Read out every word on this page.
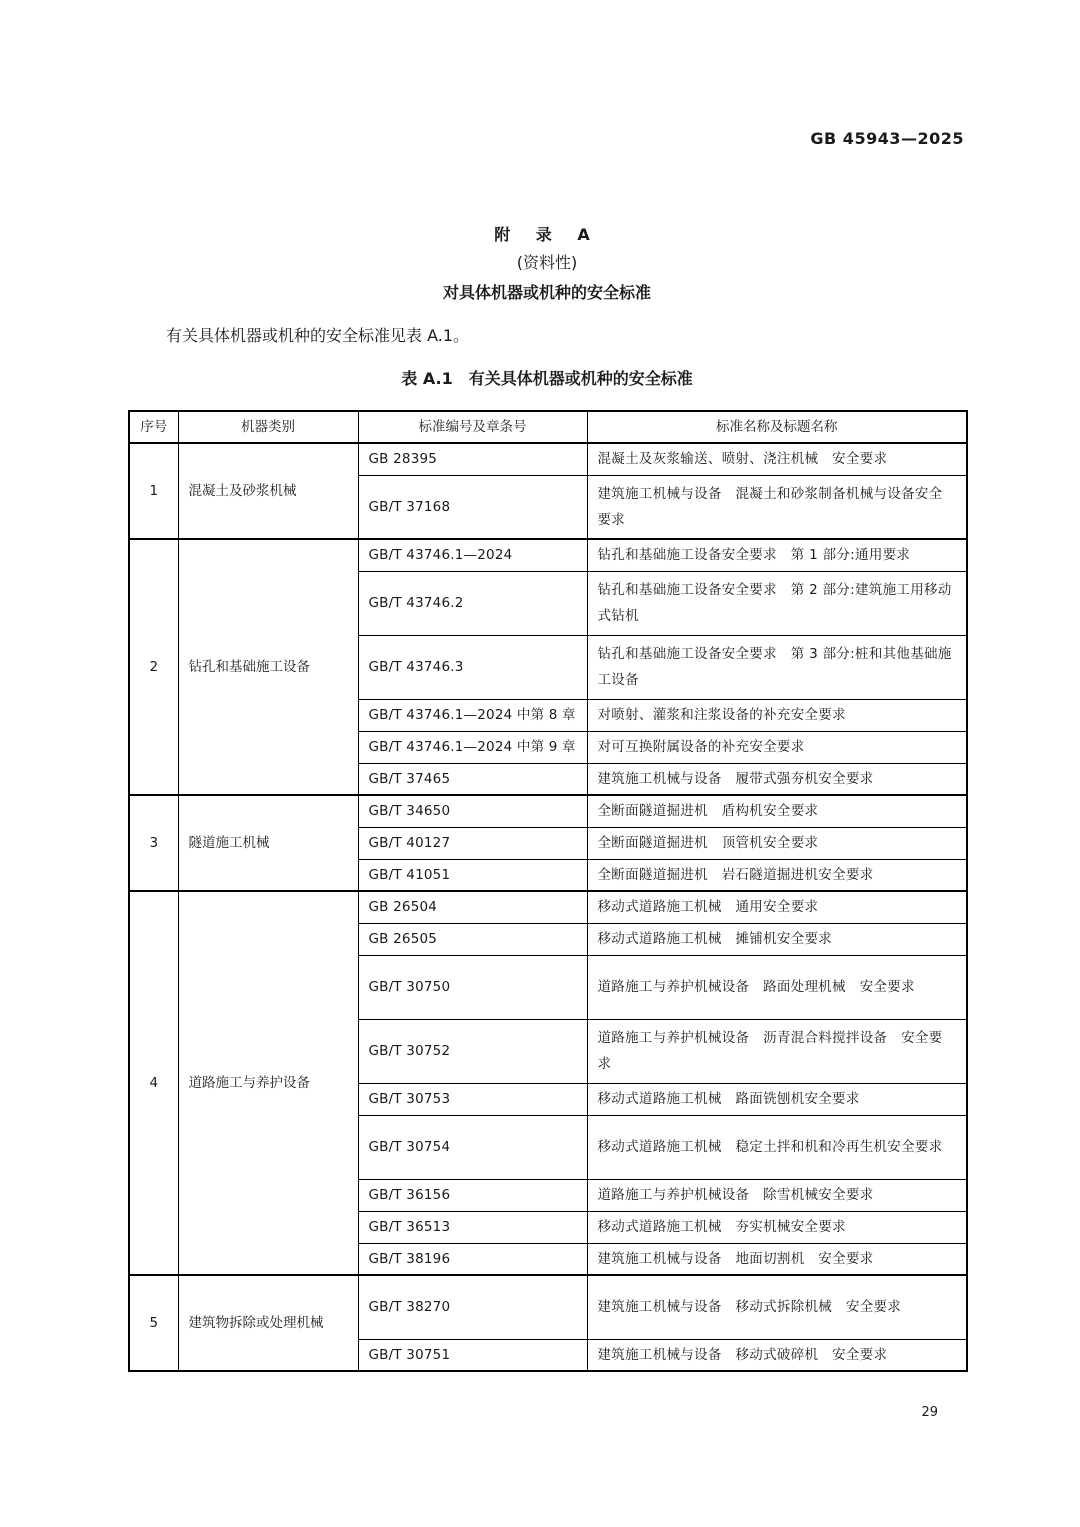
GB 45943—2025
附 录 A
(资料性)
对具体机器或机种的安全标准
有关具体机器或机种的安全标准见表 A.1。
表 A.1　有关具体机器或机种的安全标准
序号	机器类别	标准编号及章条号	标准名称及标题名称
1	混凝土及砂浆机械	GB 28395	混凝土及灰浆输送、喷射、浇注机械　安全要求
		GB/T 37168	建筑施工机械与设备　混凝土和砂浆制备机械与设备安全要求
2	钻孔和基础施工设备	GB/T 43746.1—2024	钻孔和基础施工设备安全要求　第 1 部分:通用要求
		GB/T 43746.2	钻孔和基础施工设备安全要求　第 2 部分:建筑施工用移动式钻机
		GB/T 43746.3	钻孔和基础施工设备安全要求　第 3 部分:桩和其他基础施工设备
		GB/T 43746.1—2024 中第 8 章	对喷射、灌浆和注浆设备的补充安全要求
		GB/T 43746.1—2024 中第 9 章	对可互换附属设备的补充安全要求
		GB/T 37465	建筑施工机械与设备　履带式强夯机安全要求
3	隧道施工机械	GB/T 34650	全断面隧道掘进机　盾构机安全要求
		GB/T 40127	全断面隧道掘进机　顶管机安全要求
		GB/T 41051	全断面隧道掘进机　岩石隧道掘进机安全要求
4	道路施工与养护设备	GB 26504	移动式道路施工机械　通用安全要求
		GB 26505	移动式道路施工机械　摊铺机安全要求
		GB/T 30750	道路施工与养护机械设备　路面处理机械　安全要求
		GB/T 30752	道路施工与养护机械设备　沥青混合料搅拌设备　安全要求
		GB/T 30753	移动式道路施工机械　路面铣刨机安全要求
		GB/T 30754	移动式道路施工机械　稳定土拌和机和冷再生机安全要求
		GB/T 36156	道路施工与养护机械设备　除雪机械安全要求
		GB/T 36513	移动式道路施工机械　夯实机械安全要求
		GB/T 38196	建筑施工机械与设备　地面切割机　安全要求
5	建筑物拆除或处理机械	GB/T 38270	建筑施工机械与设备　移动式拆除机械　安全要求
		GB/T 30751	建筑施工机械与设备　移动式破碎机　安全要求
29
